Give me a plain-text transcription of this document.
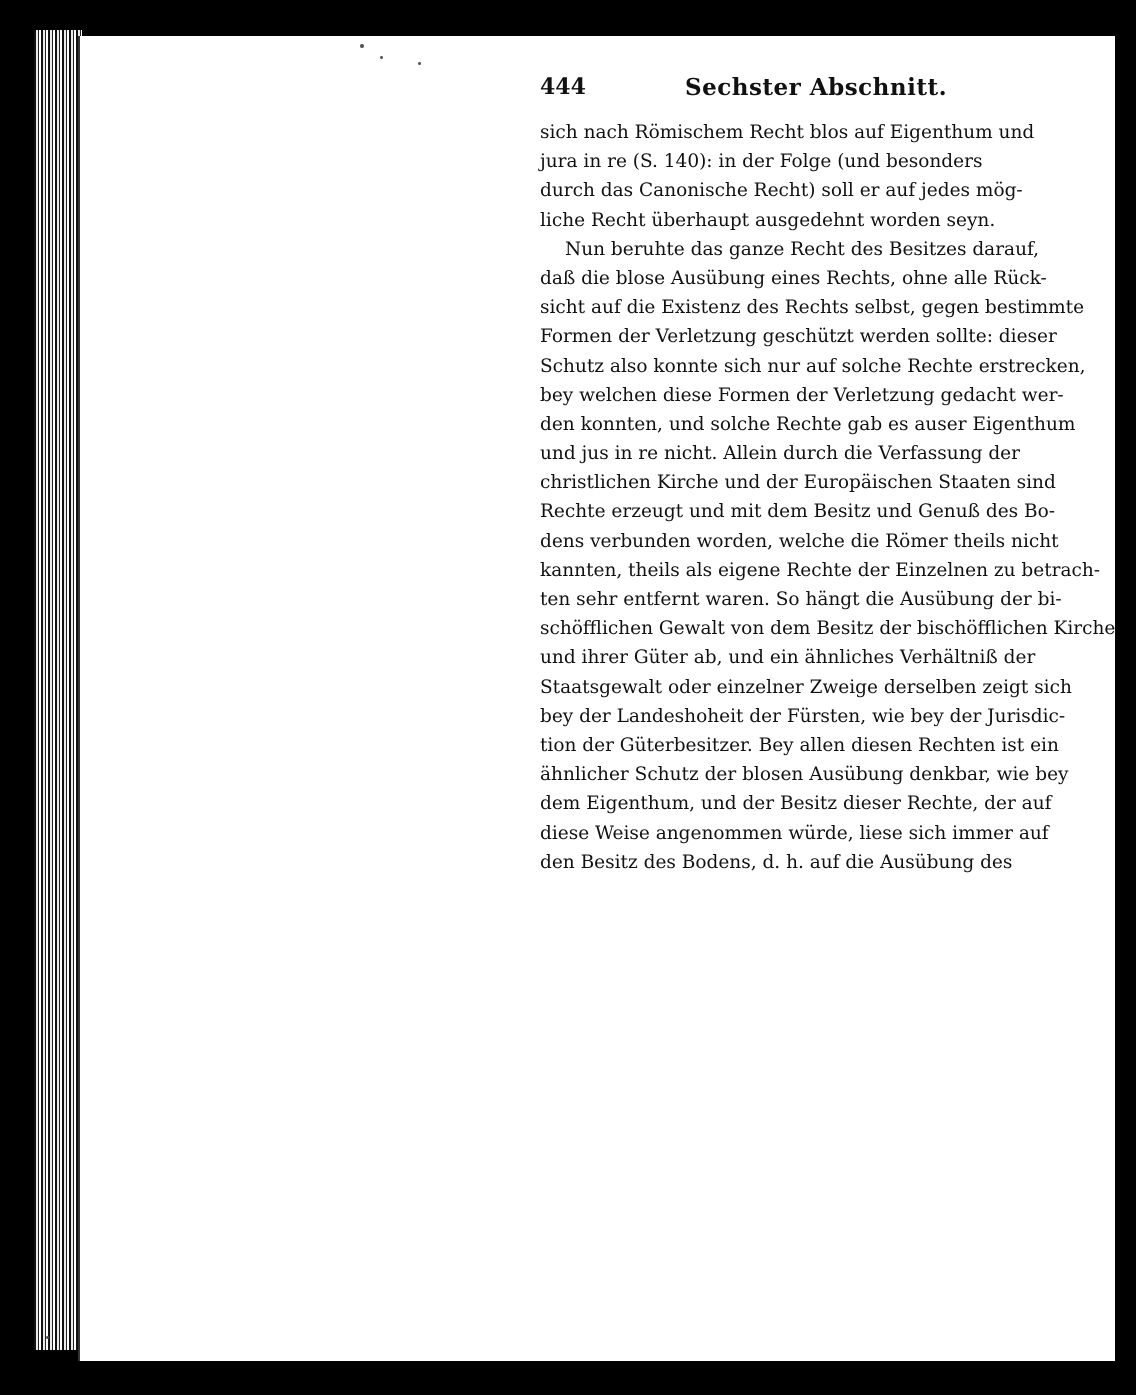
444	Sechster Abschnitt.
sich nach Römischem Recht blos auf Eigenthum und
jura in re (S. 140): in der Folge (und besonders
durch das Canonische Recht) soll er auf jedes mög-
liche Recht überhaupt ausgedehnt worden seyn.
Nun beruhte das ganze Recht des Besitzes darauf,
daß die blose Ausübung eines Rechts, ohne alle Rück-
sicht auf die Existenz des Rechts selbst, gegen bestimmte
Formen der Verletzung geschützt werden sollte: dieser
Schutz also konnte sich nur auf solche Rechte erstrecken,
bey welchen diese Formen der Verletzung gedacht wer-
den konnten, und solche Rechte gab es auser Eigenthum
und jus in re nicht. Allein durch die Verfassung der
christlichen Kirche und der Europäischen Staaten sind
Rechte erzeugt und mit dem Besitz und Genuß des Bo-
dens verbunden worden, welche die Römer theils nicht
kannten, theils als eigene Rechte der Einzelnen zu betrach-
ten sehr entfernt waren. So hängt die Ausübung der bi-
schöfflichen Gewalt von dem Besitz der bischöfflichen Kirche
und ihrer Güter ab, und ein ähnliches Verhältniß der
Staatsgewalt oder einzelner Zweige derselben zeigt sich
bey der Landeshoheit der Fürsten, wie bey der Jurisdic-
tion der Güterbesitzer. Bey allen diesen Rechten ist ein
ähnlicher Schutz der blosen Ausübung denkbar, wie bey
dem Eigenthum, und der Besitz dieser Rechte, der auf
diese Weise angenommen würde, liese sich immer auf
den Besitz des Bodens, d. h. auf die Ausübung des
